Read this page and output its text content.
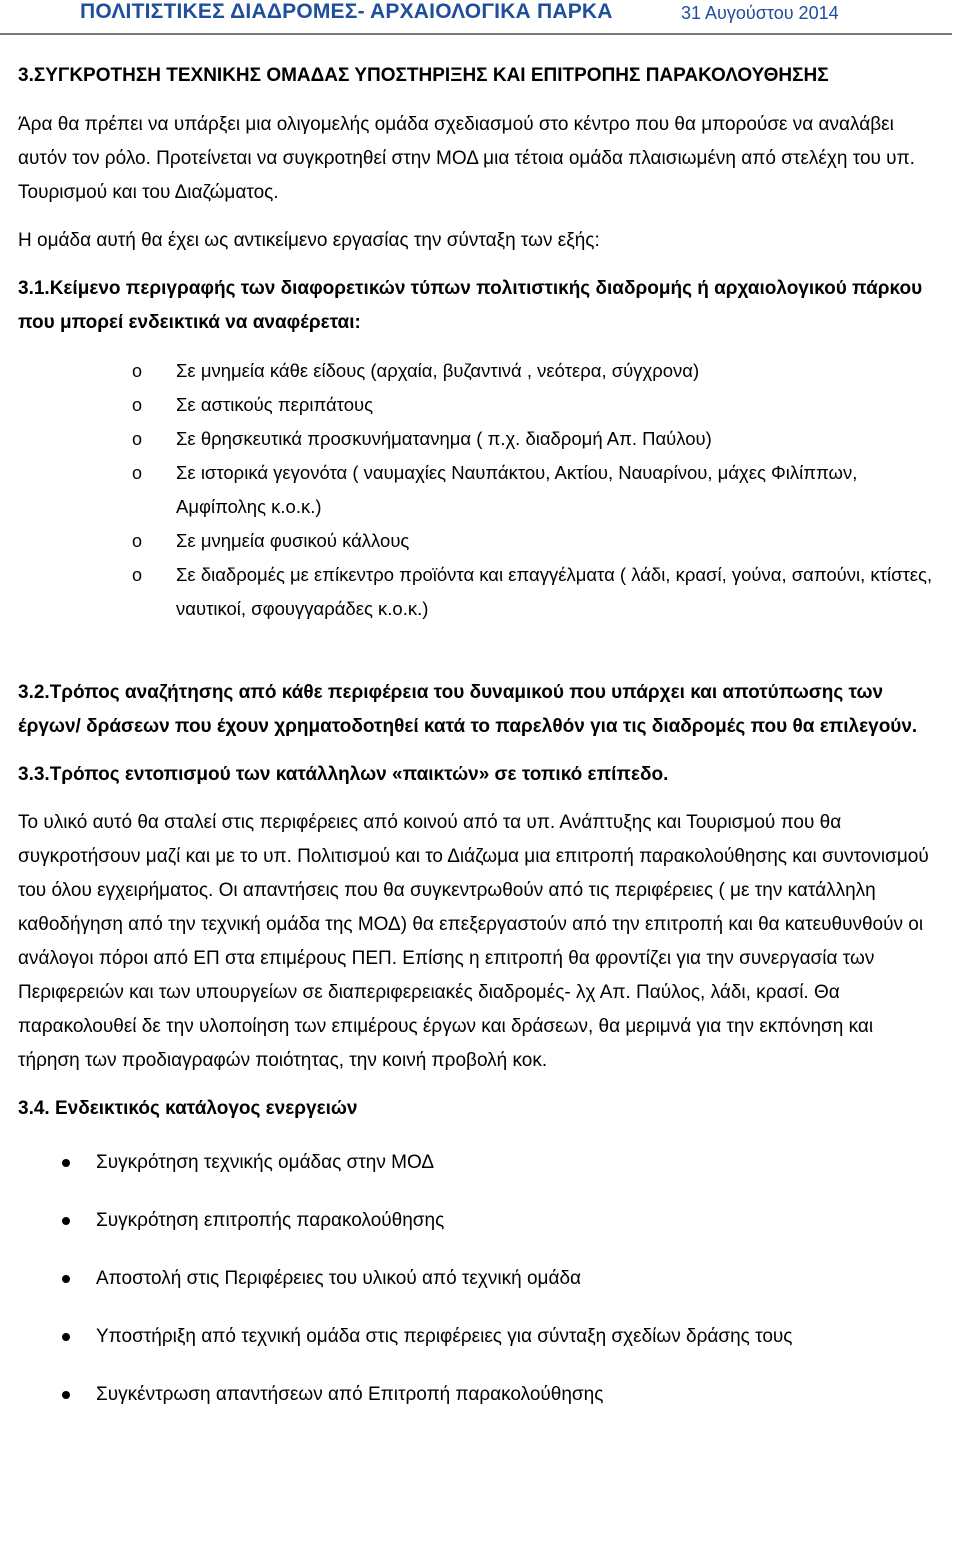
ΠΟΛΙΤΙΣΤΙΚΕΣ ΔΙΑΔΡΟΜΕΣ- ΑΡΧΑΙΟΛΟΓΙΚΑ ΠΑΡΚΑ	31 Αυγούστου 2014
3.ΣΥΓΚΡΟΤΗΣΗ ΤΕΧΝΙΚΗΣ ΟΜΑΔΑΣ ΥΠΟΣΤΗΡΙΞΗΣ ΚΑΙ ΕΠΙΤΡΟΠΗΣ ΠΑΡΑΚΟΛΟΥΘΗΣΗΣ

Άρα θα πρέπει να υπάρξει μια ολιγομελής ομάδα σχεδιασμού στο κέντρο που θα μπορούσε να αναλάβει αυτόν τον ρόλο. Προτείνεται να συγκροτηθεί στην ΜΟΔ μια τέτοια ομάδα πλαισιωμένη από στελέχη του υπ. Τουρισμού και του Διαζώματος.

Η ομάδα αυτή θα έχει ως αντικείμενο εργασίας την σύνταξη των εξής:

3.1.Κείμενο περιγραφής των διαφορετικών τύπων πολιτιστικής διαδρομής ή αρχαιολογικού πάρκου που μπορεί ενδεικτικά να αναφέρεται:

o Σε μνημεία κάθε είδους (αρχαία, βυζαντινά , νεότερα, σύγχρονα)
o Σε αστικούς περιπάτους
o Σε θρησκευτικά προσκυνήματανημα ( π.χ. διαδρομή Απ. Παύλου)
o Σε ιστορικά γεγονότα ( ναυμαχίες Ναυπάκτου, Ακτίου, Ναυαρίνου, μάχες Φιλίππων, Αμφίπολης κ.ο.κ.)
o Σε μνημεία φυσικού κάλλους
o Σε διαδρομές με επίκεντρο προϊόντα και επαγγέλματα ( λάδι, κρασί, γούνα, σαπούνι, κτίστες, ναυτικοί, σφουγγαράδες κ.ο.κ.)

3.2.Τρόπος αναζήτησης από κάθε περιφέρεια του δυναμικού που υπάρχει και αποτύπωσης των έργων/ δράσεων που έχουν χρηματοδοτηθεί κατά το παρελθόν για τις διαδρομές που θα επιλεγούν.

3.3.Τρόπος εντοπισμού των κατάλληλων «παικτών» σε τοπικό επίπεδο.

Το υλικό αυτό θα σταλεί στις περιφέρειες από κοινού από τα υπ. Ανάπτυξης και Τουρισμού που θα συγκροτήσουν μαζί και με το υπ. Πολιτισμού και το Διάζωμα μια επιτροπή παρακολούθησης και συντονισμού του όλου εγχειρήματος. Οι απαντήσεις που θα συγκεντρωθούν από τις περιφέρειες ( με την κατάλληλη καθοδήγηση από την τεχνική ομάδα της ΜΟΔ) θα επεξεργαστούν από την επιτροπή και θα κατευθυνθούν οι ανάλογοι πόροι από ΕΠ στα επιμέρους ΠΕΠ. Επίσης η επιτροπή θα φροντίζει για την συνεργασία των Περιφερειών και των υπουργείων σε διαπεριφερειακές διαδρομές- λχ Απ. Παύλος, λάδι, κρασί. Θα παρακολουθεί δε την υλοποίηση των επιμέρους έργων και δράσεων, θα μεριμνά για την εκπόνηση και τήρηση των προδιαγραφών ποιότητας, την κοινή προβολή κοκ.

3.4. Ενδεικτικός κατάλογος ενεργειών

Συγκρότηση τεχνικής ομάδας στην ΜΟΔ
Συγκρότηση επιτροπής παρακολούθησης
Αποστολή στις Περιφέρειες του υλικού από τεχνική ομάδα
Υποστήριξη από τεχνική ομάδα στις περιφέρειες για σύνταξη σχεδίων δράσης τους
Συγκέντρωση απαντήσεων από Επιτροπή παρακολούθησης
